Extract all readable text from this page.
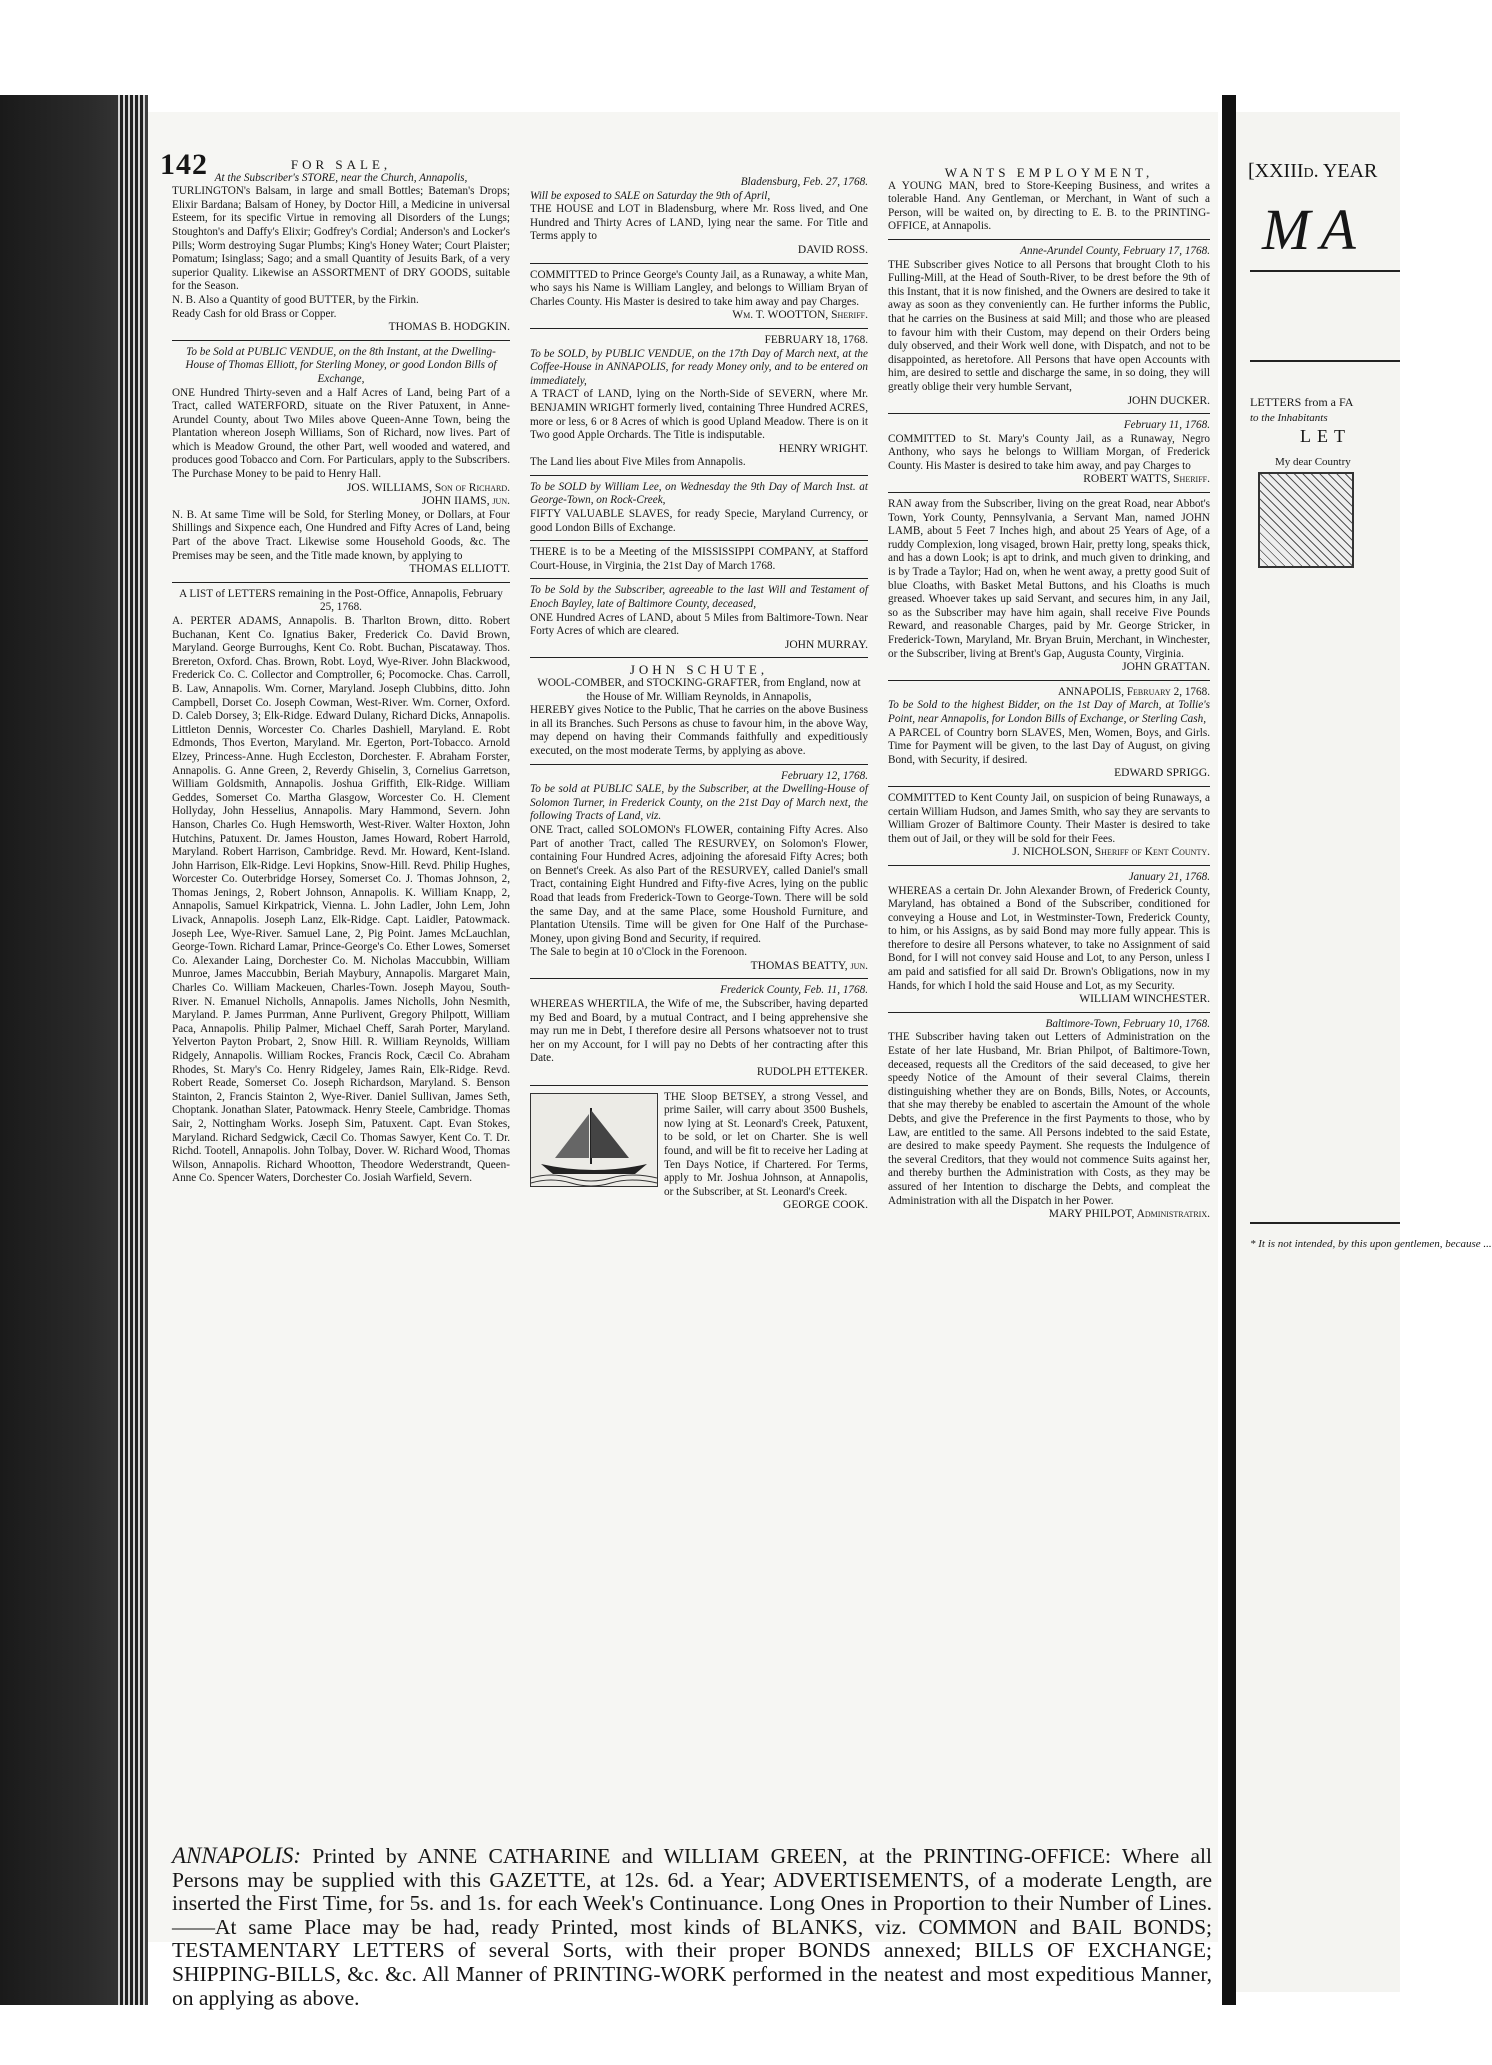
142	FOR SALE,
At the Subscriber's STORE, near the Church, Annapolis,
TURLINGTON's Balsam, in large and small Bottles; Bateman's Drops; Elixir Bardana; Balsam of Honey, by Doctor Hill, a Medicine in universal Esteem, for its specific Virtue in removing all Disorders of the Lungs; Stoughton's and Daffy's Elixir; Godfrey's Cordial; Anderson's and Locker's Pills; Worm destroying Sugar Plumbs; King's Honey Water; Court Plaister; Pomatum; Isinglass; Sago; and a small Quantity of Jesuits Bark, of a very superior Quality. Likewise an ASSORTMENT of DRY GOODS, suitable for the Season.
N. B. Also a Quantity of good BUTTER, by the Firkin.
Ready Cash for old Brass or Copper.
THOMAS B. HODGKIN.
To be Sold at PUBLIC VENDUE, on the 8th Instant, at the Dwelling-House of Thomas Elliott, for Sterling Money, or good London Bills of Exchange,
ONE Hundred Thirty-seven and a Half Acres of Land, being Part of a Tract, called WATERFORD, situate on the River Patuxent, in Anne-Arundel County, about Two Miles above Queen-Anne Town, being the Plantation whereon Joseph Williams, Son of Richard, now lives. Part of which is Meadow Ground, the other Part, well wooded and watered, and produces good Tobacco and Corn. For Particulars, apply to the Subscribers. The Purchase Money to be paid to Henry Hall.
JOS. WILLIAMS, Son of Richard.
JOHN IIAMS, jun.
N. B. At same Time will be Sold, for Sterling Money, or Dollars, at Four Shillings and Sixpence each, One Hundred and Fifty Acres of Land, being Part of the above Tract. Likewise some Household Goods, &c. The Premises may be seen, and the Title made known, by applying to
THOMAS ELLIOTT.
A LIST of LETTERS remaining in the Post-Office, Annapolis, February 25, 1768.
A. PERTER ADAMS, Annapolis. B. Tharlton Brown, ditto. Robert Buchanan, Kent Co. Ignatius Baker, Frederick Co. David Brown, Maryland. George Burroughs, Kent Co. Robt. Buchan, Piscataway. Thos. Brereton, Oxford. Chas. Brown, Robt. Loyd, Wye-River. John Blackwood, Frederick Co. C. Collector and Comptroller, 6; Pocomocke. Chas. Carroll, B. Law, Annapolis. Wm. Corner, Maryland. Joseph Clubbins, ditto. John Campbell, Dorset Co. Joseph Cowman, West-River. Wm. Corner, Oxford. D. Caleb Dorsey, 3; Elk-Ridge. Edward Dulany, Richard Dicks, Annapolis. Littleton Dennis, Worcester Co. Charles Dashiell, Maryland. E. Robt Edmonds, Thos Everton, Maryland. Mr. Egerton, Port-Tobacco. Arnold Elzey, Princess-Anne. Hugh Eccleston, Dorchester. F. Abraham Forster, Annapolis. G. Anne Green, 2, Reverdy Ghiselin, 3, Cornelius Garretson, William Goldsmith, Annapolis. Joshua Griffith, Elk-Ridge. William Geddes, Somerset Co. Martha Glasgow, Worcester Co. H. Clement Hollyday, John Hesselius, Annapolis. Mary Hammond, Severn. John Hanson, Charles Co. Hugh Hemsworth, West-River. Walter Hoxton, John Hutchins, Patuxent. Dr. James Houston, James Howard, Robert Harrold, Maryland. Robert Harrison, Cambridge. Revd. Mr. Howard, Kent-Island. John Harrison, Elk-Ridge. Levi Hopkins, Snow-Hill. Revd. Philip Hughes, Worcester Co. Outerbridge Horsey, Somerset Co. J. Thomas Johnson, 2, Thomas Jenings, 2, Robert Johnson, Annapolis. K. William Knapp, 2, Annapolis, Samuel Kirkpatrick, Vienna. L. John Ladler, John Lem, John Livack, Annapolis. Joseph Lanz, Elk-Ridge. Capt. Laidler, Patowmack. Joseph Lee, Wye-River. Samuel Lane, 2, Pig Point. James McLauchlan, George-Town. Richard Lamar, Prince-George's Co. Ether Lowes, Somerset Co. Alexander Laing, Dorchester Co. M. Nicholas Maccubbin, William Munroe, James Maccubbin, Beriah Maybury, Annapolis. Margaret Main, Charles Co. William Mackeuen, Charles-Town. Joseph Mayou, South-River. N. Emanuel Nicholls, Annapolis. James Nicholls, John Nesmith, Maryland. P. James Purrman, Anne Purlivent, Gregory Philpott, William Paca, Annapolis. Philip Palmer, Michael Cheff, Sarah Porter, Maryland. Yelverton Payton Probart, 2, Snow Hill. R. William Reynolds, William Ridgely, Annapolis. William Rockes, Francis Rock, Cæcil Co. Abraham Rhodes, St. Mary's Co. Henry Ridgeley, James Rain, Elk-Ridge. Revd. Robert Reade, Somerset Co. Joseph Richardson, Maryland. S. Benson Stainton, 2, Francis Stainton 2, Wye-River. Daniel Sullivan, James Seth, Choptank. Jonathan Slater, Patowmack. Henry Steele, Cambridge. Thomas Sair, 2, Nottingham Works. Joseph Sim, Patuxent. Capt. Evan Stokes, Maryland. Richard Sedgwick, Cæcil Co. Thomas Sawyer, Kent Co. T. Dr. Richd. Tootell, Annapolis. John Tolbay, Dover. W. Richard Wood, Thomas Wilson, Annapolis. Richard Whootton, Theodore Wederstrandt, Queen-Anne Co. Spencer Waters, Dorchester Co. Josiah Warfield, Severn.
Bladensburg, Feb. 27, 1768.
Will be exposed to SALE on Saturday the 9th of April,
THE HOUSE and LOT in Bladensburg, where Mr. Ross lived, and One Hundred and Thirty Acres of LAND, lying near the same. For Title and Terms apply to
DAVID ROSS.
COMMITTED to Prince George's County Jail, as a Runaway, a white Man, who says his Name is William Langley, and belongs to William Bryan of Charles County. His Master is desired to take him away and pay Charges.
Wm. T. WOOTTON, Sheriff.
FEBRUARY 18, 1768.
To be SOLD, by PUBLIC VENDUE, on the 17th Day of March next, at the Coffee-House in ANNAPOLIS, for ready Money only, and to be entered on immediately,
A TRACT of LAND, lying on the North-Side of SEVERN, where Mr. BENJAMIN WRIGHT formerly lived, containing Three Hundred ACRES, more or less, 6 or 8 Acres of which is good Upland Meadow. There is on it Two good Apple Orchards. The Title is indisputable.
HENRY WRIGHT.
The Land lies about Five Miles from Annapolis.
To be SOLD by William Lee, on Wednesday the 9th Day of March Inst. at George-Town, on Rock-Creek,
FIFTY VALUABLE SLAVES, for ready Specie, Maryland Currency, or good London Bills of Exchange.
THERE is to be a Meeting of the MISSISSIPPI COMPANY, at Stafford Court-House, in Virginia, the 21st Day of March 1768.
To be Sold by the Subscriber, agreeable to the last Will and Testament of Enoch Bayley, late of Baltimore County, deceased,
ONE Hundred Acres of LAND, about 5 Miles from Baltimore-Town. Near Forty Acres of which are cleared.
JOHN MURRAY.
JOHN SCHUTE,
WOOL-COMBER, and STOCKING-GRAFTER, from England, now at the House of Mr. William Reynolds, in Annapolis,
HEREBY gives Notice to the Public, That he carries on the above Business in all its Branches. Such Persons as chuse to favour him, in the above Way, may depend on having their Commands faithfully and expeditiously executed, on the most moderate Terms, by applying as above.
February 12, 1768.
To be sold at PUBLIC SALE, by the Subscriber, at the Dwelling-House of Solomon Turner, in Frederick County, on the 21st Day of March next, the following Tracts of Land, viz.
ONE Tract, called SOLOMON's FLOWER, containing Fifty Acres. Also Part of another Tract, called The RESURVEY, on Solomon's Flower, containing Four Hundred Acres, adjoining the aforesaid Fifty Acres; both on Bennet's Creek. As also Part of the RESURVEY, called Daniel's small Tract, containing Eight Hundred and Fifty-five Acres, lying on the public Road that leads from Frederick-Town to George-Town. There will be sold the same Day, and at the same Place, some Houshold Furniture, and Plantation Utensils. Time will be given for One Half of the Purchase-Money, upon giving Bond and Security, if required.
The Sale to begin at 10 o'Clock in the Forenoon.
THOMAS BEATTY, jun.
Frederick County, Feb. 11, 1768.
WHEREAS WHERTILA, the Wife of me, the Subscriber, having departed my Bed and Board, by a mutual Contract, and I being apprehensive she may run me in Debt, I therefore desire all Persons whatsoever not to trust her on my Account, for I will pay no Debts of her contracting after this Date.
RUDOLPH ETTEKER.
THE Sloop BETSEY, a strong Vessel, and prime Sailer, will carry about 3500 Bushels, now lying at St. Leonard's Creek, Patuxent, to be sold, or let on Charter. She is well found, and will be fit to receive her Lading at Ten Days Notice, if Chartered. For Terms, apply to Mr. Joshua Johnson, at Annapolis, or the Subscriber, at St. Leonard's Creek.
GEORGE COOK.
WANTS EMPLOYMENT,
A YOUNG MAN, bred to Store-Keeping Business, and writes a tolerable Hand. Any Gentleman, or Merchant, in Want of such a Person, will be waited on, by directing to E. B. to the PRINTING-OFFICE, at Annapolis.
Anne-Arundel County, February 17, 1768.
THE Subscriber gives Notice to all Persons that brought Cloth to his Fulling-Mill, at the Head of South-River, to be drest before the 9th of this Instant, that it is now finished, and the Owners are desired to take it away as soon as they conveniently can. He further informs the Public, that he carries on the Business at said Mill; and those who are pleased to favour him with their Custom, may depend on their Orders being duly observed, and their Work well done, with Dispatch, and not to be disappointed, as heretofore. All Persons that have open Accounts with him, are desired to settle and discharge the same, in so doing, they will greatly oblige their very humble Servant,
JOHN DUCKER.
February 11, 1768.
COMMITTED to St. Mary's County Jail, as a Runaway, Negro Anthony, who says he belongs to William Morgan, of Frederick County. His Master is desired to take him away, and pay Charges to
ROBERT WATTS, Sheriff.
RAN away from the Subscriber, living on the great Road, near Abbot's Town, York County, Pennsylvania, a Servant Man, named JOHN LAMB, about 5 Feet 7 Inches high, and about 25 Years of Age, of a ruddy Complexion, long visaged, brown Hair, pretty long, speaks thick, and has a down Look; is apt to drink, and much given to drinking, and is by Trade a Taylor; Had on, when he went away, a pretty good Suit of blue Cloaths, with Basket Metal Buttons, and his Cloaths is much greased. Whoever takes up said Servant, and secures him, in any Jail, so as the Subscriber may have him again, shall receive Five Pounds Reward, and reasonable Charges, paid by Mr. George Stricker, in Frederick-Town, Maryland, Mr. Bryan Bruin, Merchant, in Winchester, or the Subscriber, living at Brent's Gap, Augusta County, Virginia.
JOHN GRATTAN.
ANNAPOLIS, February 2, 1768.
To be Sold to the highest Bidder, on the 1st Day of March, at Tollie's Point, near Annapolis, for London Bills of Exchange, or Sterling Cash,
A PARCEL of Country born SLAVES, Men, Women, Boys, and Girls. Time for Payment will be given, to the last Day of August, on giving Bond, with Security, if desired.
EDWARD SPRIGG.
COMMITTED to Kent County Jail, on suspicion of being Runaways, a certain William Hudson, and James Smith, who say they are servants to William Grozer of Baltimore County. Their Master is desired to take them out of Jail, or they will be sold for their Fees.
J. NICHOLSON, Sheriff of Kent County.
January 21, 1768.
WHEREAS a certain Dr. John Alexander Brown, of Frederick County, Maryland, has obtained a Bond of the Subscriber, conditioned for conveying a House and Lot, in Westminster-Town, Frederick County, to him, or his Assigns, as by said Bond may more fully appear. This is therefore to desire all Persons whatever, to take no Assignment of said Bond, for I will not convey said House and Lot, to any Person, unless I am paid and satisfied for all said Dr. Brown's Obligations, now in my Hands, for which I hold the said House and Lot, as my Security.
WILLIAM WINCHESTER.
Baltimore-Town, February 10, 1768.
THE Subscriber having taken out Letters of Administration on the Estate of her late Husband, Mr. Brian Philpot, of Baltimore-Town, deceased, requests all the Creditors of the said deceased, to give her speedy Notice of the Amount of their several Claims, therein distinguishing whether they are on Bonds, Bills, Notes, or Accounts, that she may thereby be enabled to ascertain the Amount of the whole Debts, and give the Preference in the first Payments to those, who by Law, are entitled to the same. All Persons indebted to the said Estate, are desired to make speedy Payment. She requests the Indulgence of the several Creditors, that they would not commence Suits against her, and thereby burthen the Administration with Costs, as they may be assured of her Intention to discharge the Debts, and compleat the Administration with all the Dispatch in her Power.
MARY PHILPOT, Administratrix.
ANNAPOLIS: Printed by ANNE CATHARINE and WILLIAM GREEN, at the PRINTING-OFFICE: Where all Persons may be supplied with this GAZETTE, at 12s. 6d. a Year; ADVERTISEMENTS, of a moderate Length, are inserted the First Time, for 5s. and 1s. for each Week's Continuance. Long Ones in Proportion to their Number of Lines.——At same Place may be had, ready Printed, most kinds of BLANKS, viz. COMMON and BAIL BONDS; TESTAMENTARY LETTERS of several Sorts, with their proper BONDS annexed; BILLS OF EXCHANGE; SHIPPING-BILLS, &c. &c. All Manner of PRINTING-WORK performed in the neatest and most expeditious Manner, on applying as above.
[XXIIId. YEAR
MA
LETTERS from a FA
to the Inhabitants
LET
My dear Country
* It is not intended, by this upon gentlemen, because ...
